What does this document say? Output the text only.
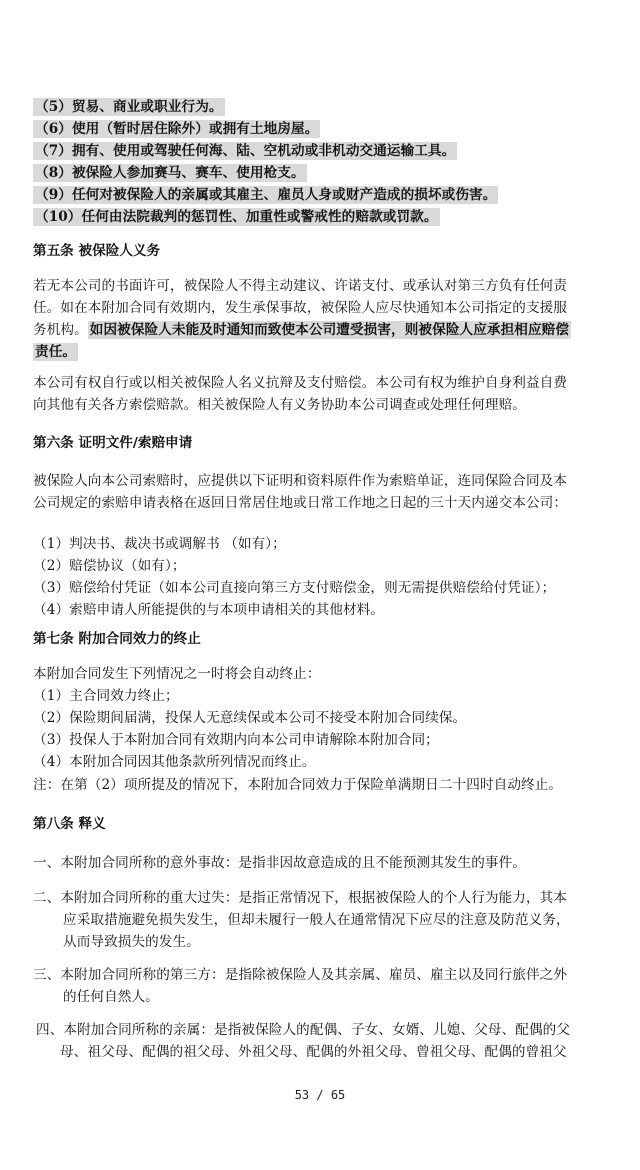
（5）贸易、商业或职业行为。
（6）使用（暂时居住除外）或拥有土地房屋。
（7）拥有、使用或驾驶任何海、陆、空机动或非机动交通运输工具。
（8）被保险人参加赛马、赛车、使用枪支。
（9）任何对被保险人的亲属或其雇主、雇员人身或财产造成的损坏或伤害。
（10）任何由法院裁判的惩罚性、加重性或警戒性的赔款或罚款。
第五条 被保险人义务
若无本公司的书面许可，被保险人不得主动建议、许诺支付、或承认对第三方负有任何责
任。如在本附加合同有效期内，发生承保事故，被保险人应尽快通知本公司指定的支援服
务机构。 如因被保险人未能及时通知而致使本公司遭受损害，则被保险人应承担相应赔偿
责任。
本公司有权自行或以相关被保险人名义抗辩及支付赔偿。本公司有权为维护自身利益自费
向其他有关各方索偿赔款。相关被保险人有义务协助本公司调查或处理任何理赔。
第六条 证明文件/索赔申请
被保险人向本公司索赔时，应提供以下证明和资料原件作为索赔单证，连同保险合同及本
公司规定的索赔申请表格在返回日常居住地或日常工作地之日起的三十天内递交本公司：
（1）判决书、裁决书或调解书 （如有）；
（2）赔偿协议（如有）；
（3）赔偿给付凭证（如本公司直接向第三方支付赔偿金，则无需提供赔偿给付凭证）；
（4）索赔申请人所能提供的与本项申请相关的其他材料。
第七条 附加合同效力的终止
本附加合同发生下列情况之一时将会自动终止：
（1）主合同效力终止；
（2）保险期间届满，投保人无意续保或本公司不接受本附加合同续保。
（3）投保人于本附加合同有效期内向本公司申请解除本附加合同；
（4）本附加合同因其他条款所列情况而终止。
注：在第（2）项所提及的情况下，本附加合同效力于保险单满期日二十四时自动终止。
第八条 释义
一、本附加合同所称的意外事故：是指非因故意造成的且不能预测其发生的事件。
二、本附加合同所称的重大过失：是指正常情况下，根据被保险人的个人行为能力，其本
应采取措施避免损失发生，但却未履行一般人在通常情况下应尽的注意及防范义务，
从而导致损失的发生。
三、本附加合同所称的第三方：是指除被保险人及其亲属、雇员、雇主以及同行旅伴之外
的任何自然人。
四、本附加合同所称的亲属：是指被保险人的配偶、子女、女婿、儿媳、父母、配偶的父
母、祖父母、配偶的祖父母、外祖父母、配偶的外祖父母、曾祖父母、配偶的曾祖父
53 / 65
